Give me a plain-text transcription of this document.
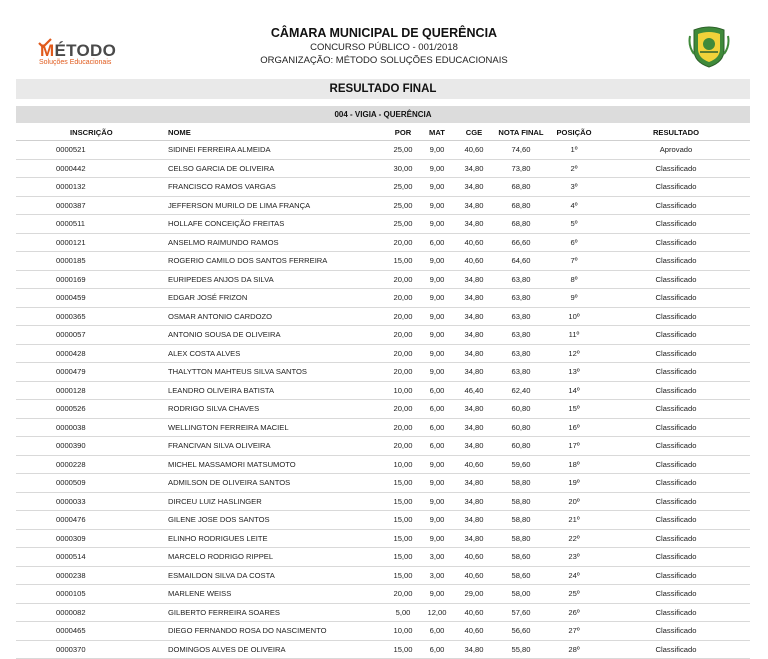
MÉTODO
Soluções Educacionais
CÂMARA MUNICIPAL DE QUERÊNCIA
CONCURSO PÚBLICO - 001/2018
ORGANIZAÇÃO: MÉTODO SOLUÇÕES EDUCACIONAIS
RESULTADO FINAL
004 - VIGIA - QUERÊNCIA
INSCRIÇÃO	NOME	POR	MAT	CGE	NOTA FINAL	POSIÇÃO	RESULTADO
0000521	SIDINEI FERREIRA ALMEIDA	25,00	9,00	40,60	74,60	1º	Aprovado
0000442	CELSO GARCIA DE OLIVEIRA	30,00	9,00	34,80	73,80	2º	Classificado
0000132	FRANCISCO RAMOS VARGAS	25,00	9,00	34,80	68,80	3º	Classificado
0000387	JEFFERSON MURILO DE LIMA FRANÇA	25,00	9,00	34,80	68,80	4º	Classificado
0000511	HOLLAFE CONCEIÇÃO FREITAS	25,00	9,00	34,80	68,80	5º	Classificado
0000121	ANSELMO RAIMUNDO RAMOS	20,00	6,00	40,60	66,60	6º	Classificado
0000185	ROGERIO CAMILO DOS SANTOS FERREIRA	15,00	9,00	40,60	64,60	7º	Classificado
0000169	EURIPEDES ANJOS DA SILVA	20,00	9,00	34,80	63,80	8º	Classificado
0000459	EDGAR JOSÉ FRIZON	20,00	9,00	34,80	63,80	9º	Classificado
0000365	OSMAR ANTONIO CARDOZO	20,00	9,00	34,80	63,80	10º	Classificado
0000057	ANTONIO SOUSA DE OLIVEIRA	20,00	9,00	34,80	63,80	11º	Classificado
0000428	ALEX COSTA ALVES	20,00	9,00	34,80	63,80	12º	Classificado
0000479	THALYTTON MAHTEUS SILVA SANTOS	20,00	9,00	34,80	63,80	13º	Classificado
0000128	LEANDRO OLIVEIRA BATISTA	10,00	6,00	46,40	62,40	14º	Classificado
0000526	RODRIGO SILVA CHAVES	20,00	6,00	34,80	60,80	15º	Classificado
0000038	WELLINGTON FERREIRA MACIEL	20,00	6,00	34,80	60,80	16º	Classificado
0000390	FRANCIVAN SILVA OLIVEIRA	20,00	6,00	34,80	60,80	17º	Classificado
0000228	MICHEL MASSAMORI MATSUMOTO	10,00	9,00	40,60	59,60	18º	Classificado
0000509	ADMILSON DE OLIVEIRA SANTOS	15,00	9,00	34,80	58,80	19º	Classificado
0000033	DIRCEU LUIZ HASLINGER	15,00	9,00	34,80	58,80	20º	Classificado
0000476	GILENE JOSE DOS SANTOS	15,00	9,00	34,80	58,80	21º	Classificado
0000309	ELINHO RODRIGUES LEITE	15,00	9,00	34,80	58,80	22º	Classificado
0000514	MARCELO RODRIGO RIPPEL	15,00	3,00	40,60	58,60	23º	Classificado
0000238	ESMAILDON SILVA DA COSTA	15,00	3,00	40,60	58,60	24º	Classificado
0000105	MARLENE WEISS	20,00	9,00	29,00	58,00	25º	Classificado
0000082	GILBERTO FERREIRA SOARES	5,00	12,00	40,60	57,60	26º	Classificado
0000465	DIEGO FERNANDO ROSA DO NASCIMENTO	10,00	6,00	40,60	56,60	27º	Classificado
0000370	DOMINGOS ALVES DE OLIVEIRA	15,00	6,00	34,80	55,80	28º	Classificado
